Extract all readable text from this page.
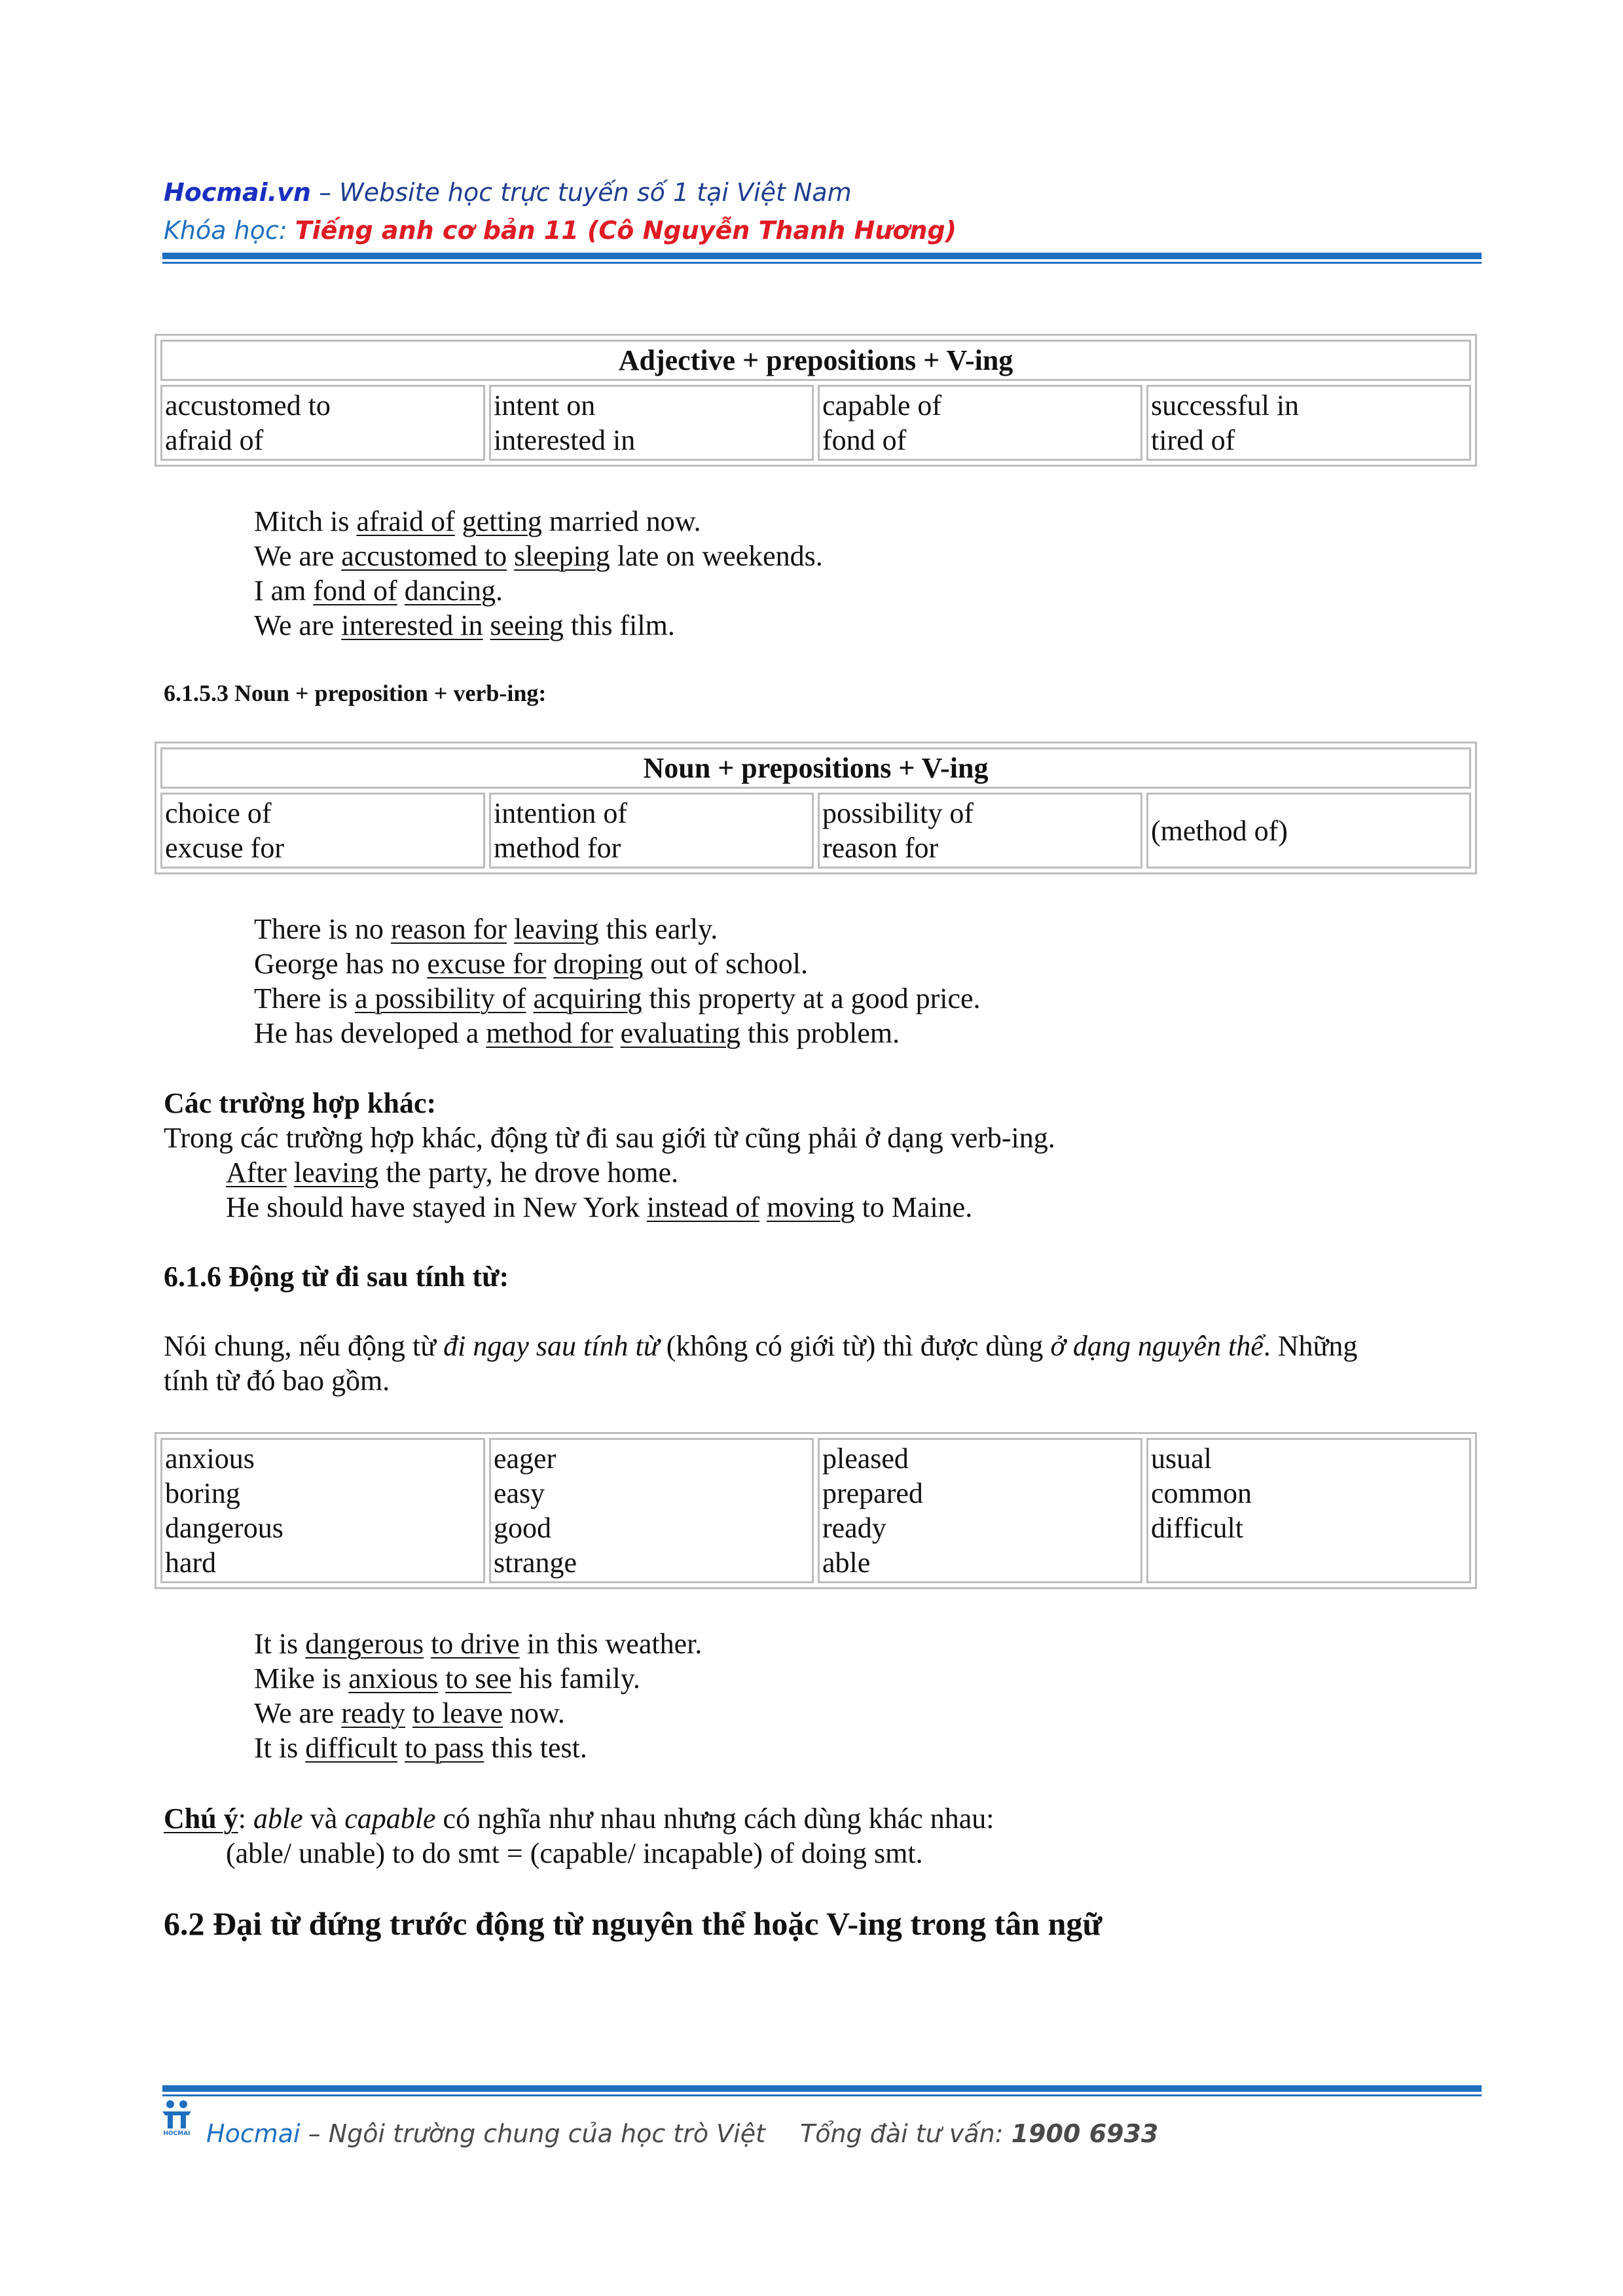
Hocmai.vn – Website học trực tuyến số 1 tại Việt Nam
Khóa học: Tiếng anh cơ bản 11 (Cô Nguyễn Thanh Hương)
Adjective + prepositions + V-ing

accustomed to
afraid of

intent on
interested in

capable of
fond of

successful in
tired of
Mitch is afraid of getting married now.
We are accustomed to sleeping late on weekends.
I am fond of dancing.
We are interested in seeing this film.
6.1.5.3 Noun + preposition + verb-ing:
Noun + prepositions + V-ing

choice of
excuse for

intention of
method for

possibility of
reason for

(method of)
There is no reason for leaving this early.
George has no excuse for droping out of school.
There is a possibility of acquiring this property at a good price.
He has developed a method for evaluating this problem.
Các trường hợp khác:
Trong các trường hợp khác, động từ đi sau giới từ cũng phải ở dạng verb-ing.
After leaving the party, he drove home.
He should have stayed in New York instead of moving to Maine.
6.1.6 Động từ đi sau tính từ:
Nói chung, nếu động từ đi ngay sau tính từ (không có giới từ) thì được dùng ở dạng nguyên thể. Những
tính từ đó bao gồm.
anxious
boring
dangerous
hard

eager
easy
good
strange

pleased
prepared
ready
able

usual
common
difficult
It is dangerous to drive in this weather.
Mike is anxious to see his family.
We are ready to leave now.
It is difficult to pass this test.
Chú ý: able và capable có nghĩa như nhau nhưng cách dùng khác nhau:
(able/ unable) to do smt = (capable/ incapable) of doing smt.
6.2 Đại từ đứng trước động từ nguyên thể hoặc V-ing trong tân ngữ
HOCMAI Hocmai – Ngôi trường chung của học trò Việt Tổng đài tư vấn: 1900 6933
